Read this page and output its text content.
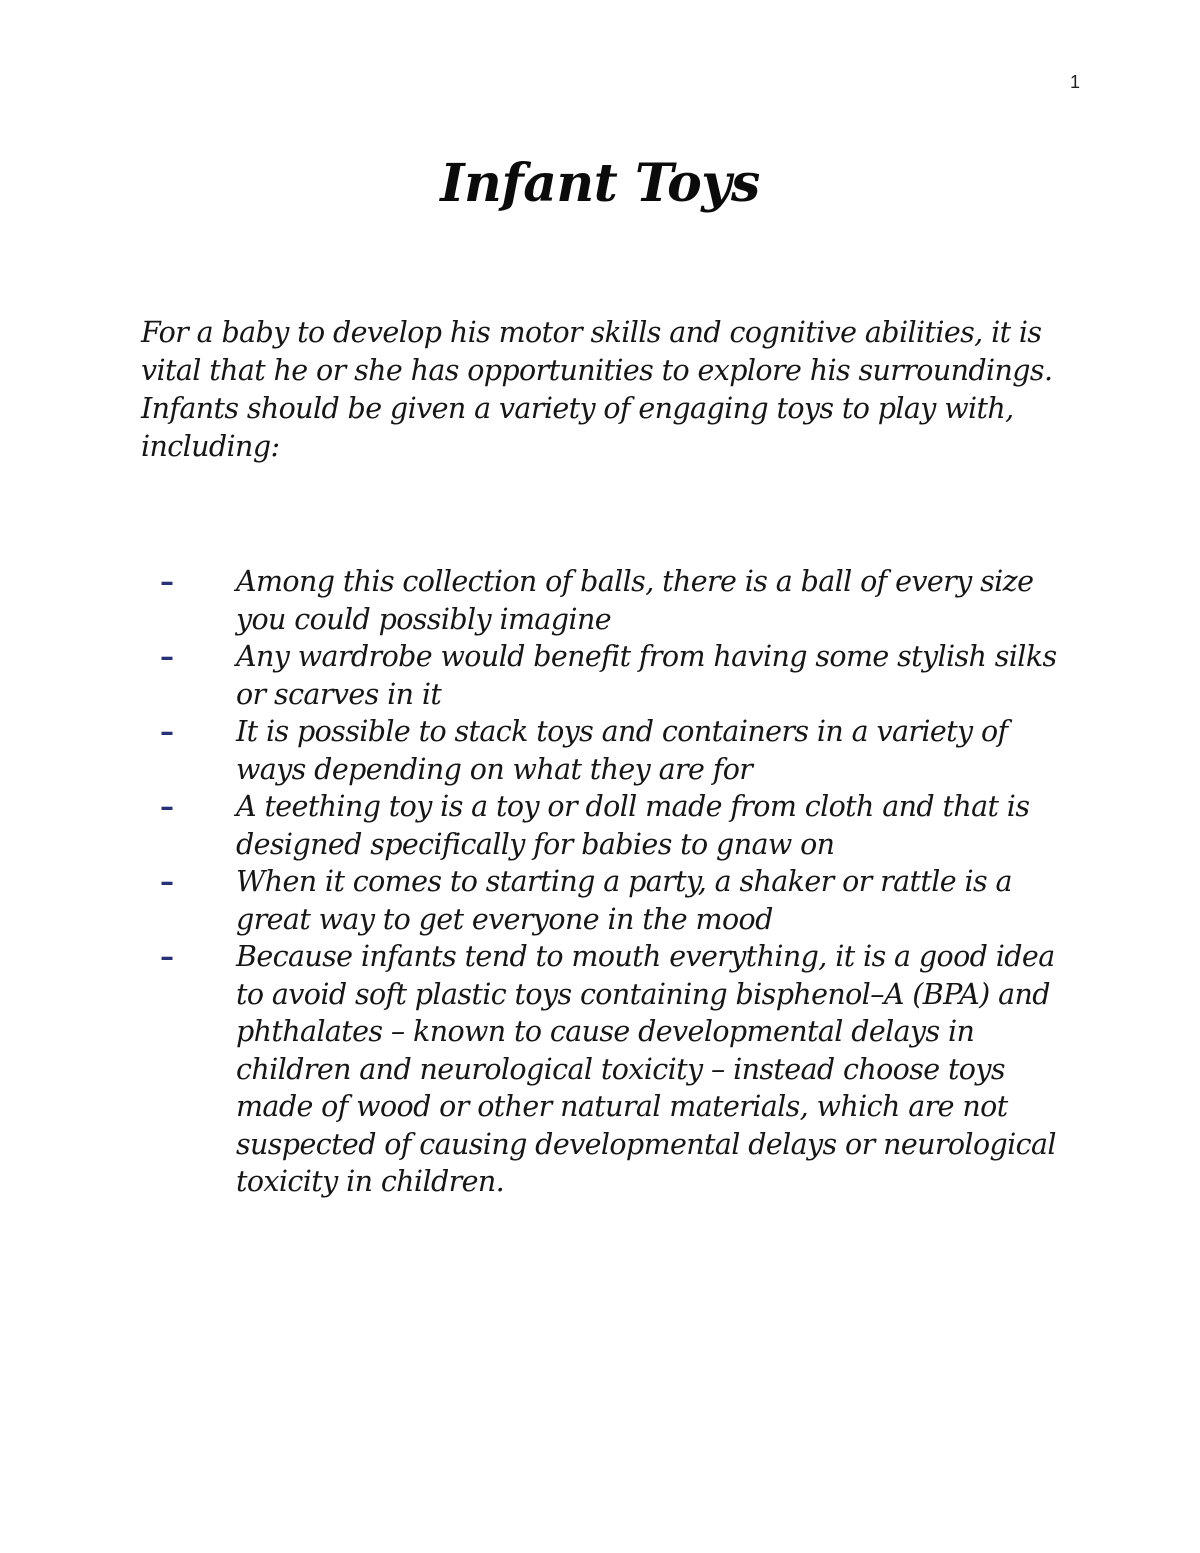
1
Infant Toys

For a baby to develop his motor skills and cognitive abilities, it is vital that he or she has opportunities to explore his surroundings. Infants should be given a variety of engaging toys to play with, including:

– Among this collection of balls, there is a ball of every size you could possibly imagine
– Any wardrobe would benefit from having some stylish silks or scarves in it
– It is possible to stack toys and containers in a variety of ways depending on what they are for
– A teething toy is a toy or doll made from cloth and that is designed specifically for babies to gnaw on
– When it comes to starting a party, a shaker or rattle is a great way to get everyone in the mood
– Because infants tend to mouth everything, it is a good idea to avoid soft plastic toys containing bisphenol–A (BPA) and phthalates – known to cause developmental delays in children and neurological toxicity – instead choose toys made of wood or other natural materials, which are not suspected of causing developmental delays or neurological toxicity in children.
